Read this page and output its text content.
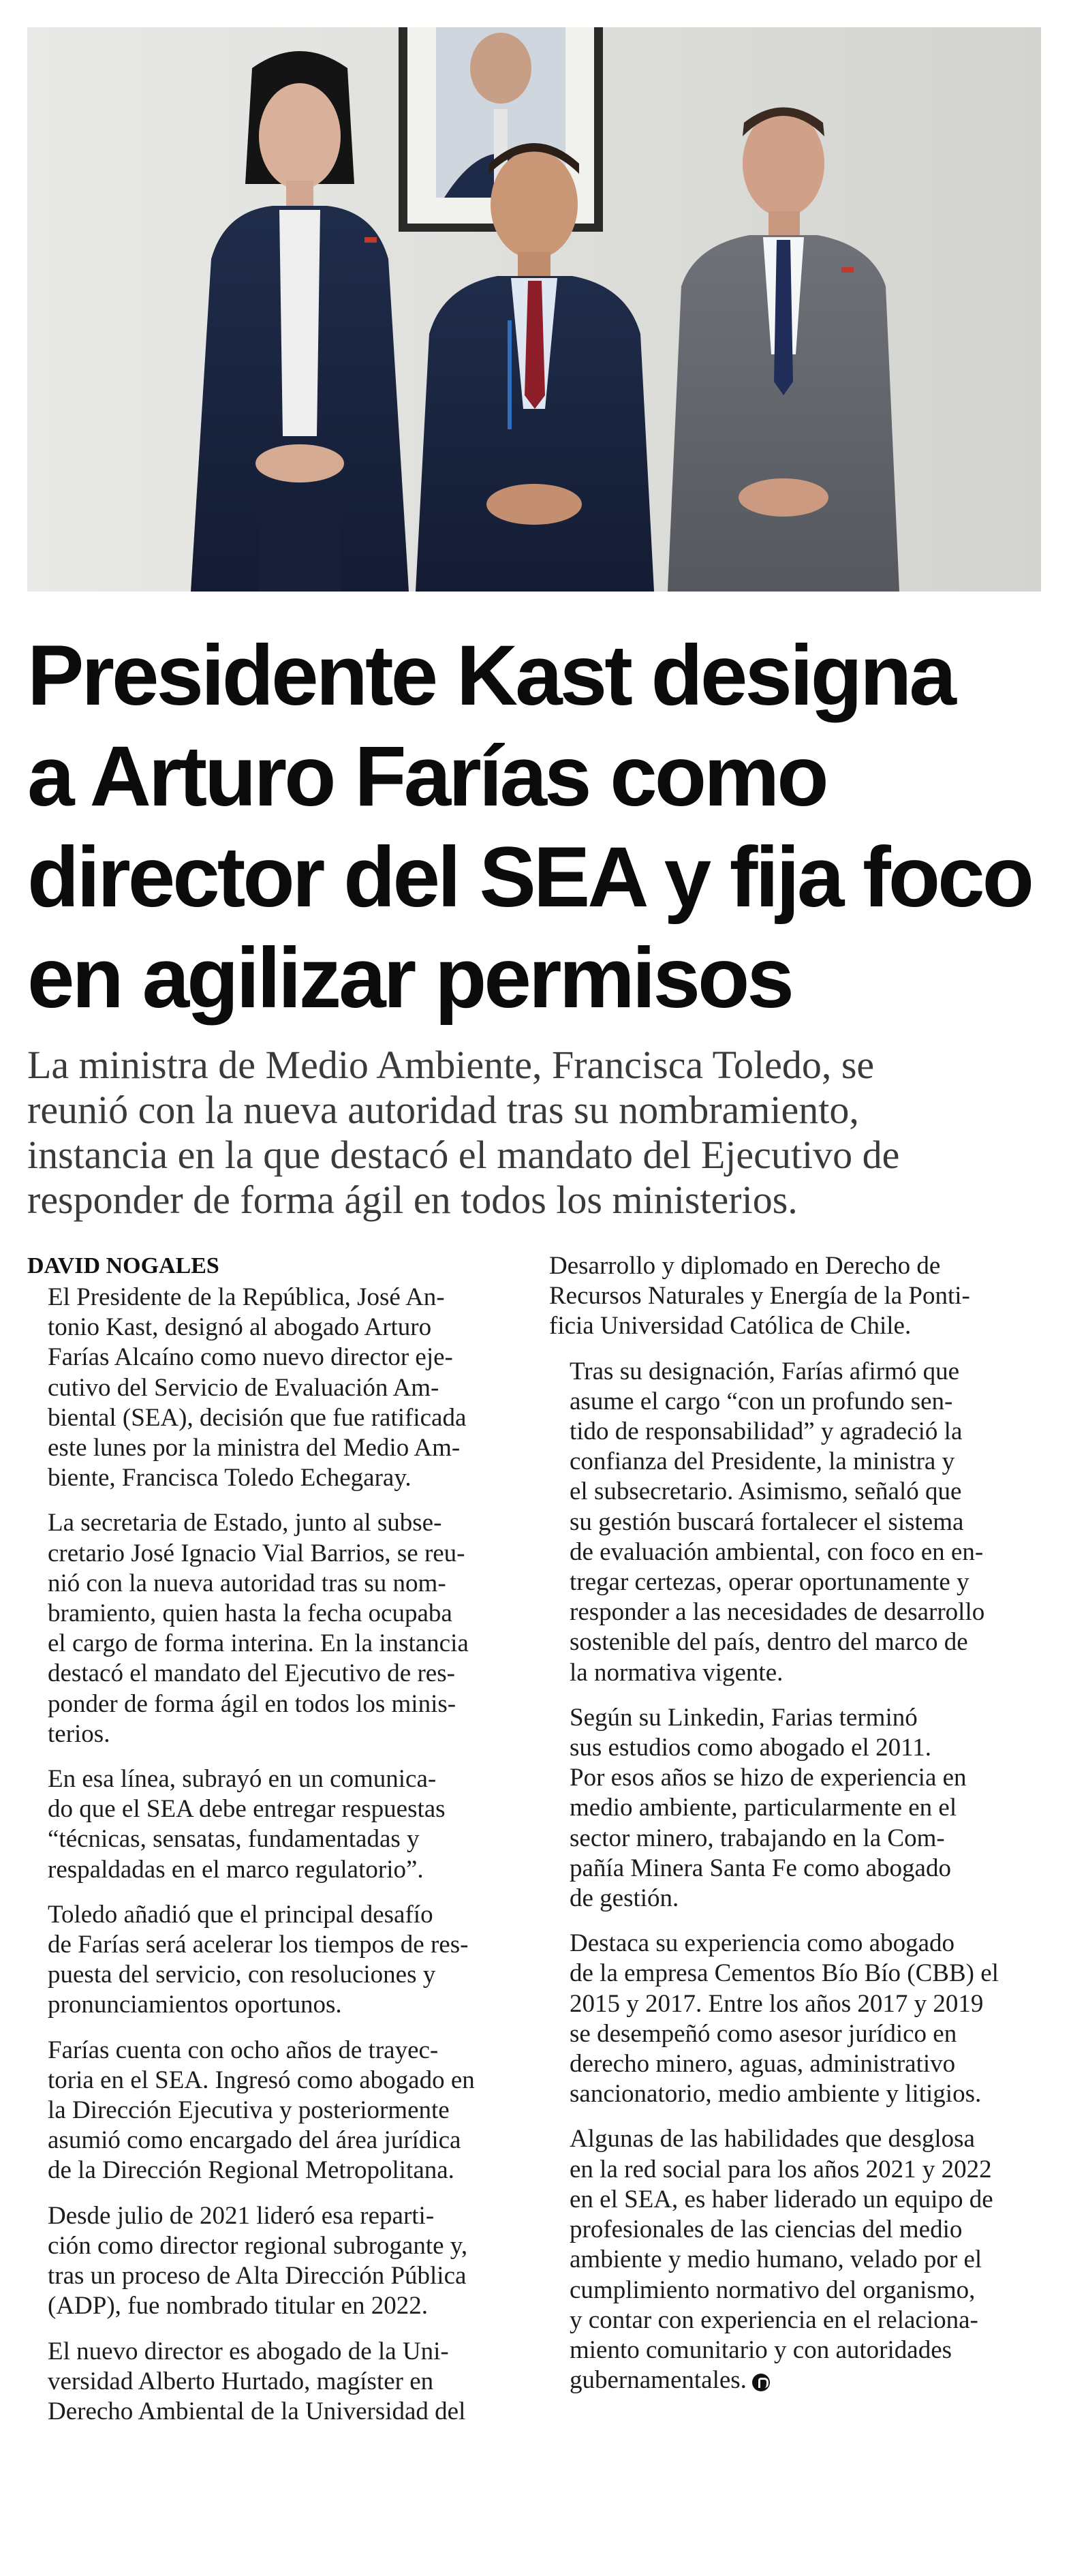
Presidente Kast designa
a Arturo Farías como
director del SEA y fija foco
en agilizar permisos

La ministra de Medio Ambiente, Francisca Toledo, se
reunió con la nueva autoridad tras su nombramiento,
instancia en la que destacó el mandato del Ejecutivo de
responder de forma ágil en todos los ministerios.

DAVID NOGALES

El Presidente de la República, José An-
tonio Kast, designó al abogado Arturo
Farías Alcaíno como nuevo director eje-
cutivo del Servicio de Evaluación Am-
biental (SEA), decisión que fue ratificada
este lunes por la ministra del Medio Am-
biente, Francisca Toledo Echegaray.

La secretaria de Estado, junto al subse-
cretario José Ignacio Vial Barrios, se reu-
nió con la nueva autoridad tras su nom-
bramiento, quien hasta la fecha ocupaba
el cargo de forma interina. En la instancia
destacó el mandato del Ejecutivo de res-
ponder de forma ágil en todos los minis-
terios.

En esa línea, subrayó en un comunica-
do que el SEA debe entregar respuestas
“técnicas, sensatas, fundamentadas y
respaldadas en el marco regulatorio”.

Toledo añadió que el principal desafío
de Farías será acelerar los tiempos de res-
puesta del servicio, con resoluciones y
pronunciamientos oportunos.

Farías cuenta con ocho años de trayec-
toria en el SEA. Ingresó como abogado en
la Dirección Ejecutiva y posteriormente
asumió como encargado del área jurídica
de la Dirección Regional Metropolitana.

Desde julio de 2021 lideró esa reparti-
ción como director regional subrogante y,
tras un proceso de Alta Dirección Pública
(ADP), fue nombrado titular en 2022.

El nuevo director es abogado de la Uni-
versidad Alberto Hurtado, magíster en
Derecho Ambiental de la Universidad del

Desarrollo y diplomado en Derecho de
Recursos Naturales y Energía de la Ponti-
ficia Universidad Católica de Chile.

Tras su designación, Farías afirmó que
asume el cargo “con un profundo sen-
tido de responsabilidad” y agradeció la
confianza del Presidente, la ministra y
el subsecretario. Asimismo, señaló que
su gestión buscará fortalecer el sistema
de evaluación ambiental, con foco en en-
tregar certezas, operar oportunamente y
responder a las necesidades de desarrollo
sostenible del país, dentro del marco de
la normativa vigente.

Según su Linkedin, Farias terminó
sus estudios como abogado el 2011.
Por esos años se hizo de experiencia en
medio ambiente, particularmente en el
sector minero, trabajando en la Com-
pañía Minera Santa Fe como abogado
de gestión.

Destaca su experiencia como abogado
de la empresa Cementos Bío Bío (CBB) el
2015 y 2017. Entre los años 2017 y 2019
se desempeñó como asesor jurídico en
derecho minero, aguas, administrativo
sancionatorio, medio ambiente y litigios.

Algunas de las habilidades que desglosa
en la red social para los años 2021 y 2022
en el SEA, es haber liderado un equipo de
profesionales de las ciencias del medio
ambiente y medio humano, velado por el
cumplimiento normativo del organismo,
y contar con experiencia en el relaciona-
miento comunitario y con autoridades
gubernamentales.
